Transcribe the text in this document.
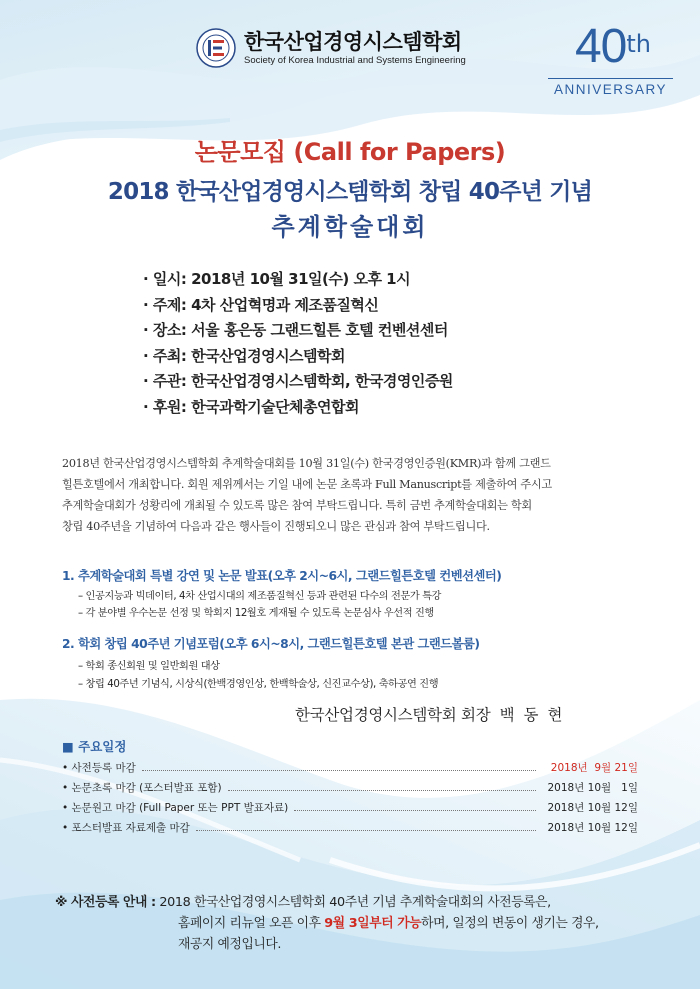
한국산업경영시스템학회
Society of Korea Industrial and Systems Engineering	40th
ANNIVERSARY
논문모집 (Call for Papers)
2018 한국산업경영시스템학회 창립 40주년 기념
추계학술대회
· 일시: 2018년 10월 31일(수) 오후 1시
· 주제: 4차 산업혁명과 제조품질혁신
· 장소: 서울 홍은동 그랜드힐튼 호텔 컨벤션센터
· 주최: 한국산업경영시스템학회
· 주관: 한국산업경영시스템학회, 한국경영인증원
· 후원: 한국과학기술단체총연합회
2018년 한국산업경영시스템학회 추계학술대회를 10월 31일(수) 한국경영인증원(KMR)과 함께 그랜드
힐튼호텔에서 개최합니다. 회원 제위께서는 기일 내에 논문 초록과 Full Manuscript를 제출하여 주시고
추계학술대회가 성황리에 개최될 수 있도록 많은 참여 부탁드립니다. 특히 금번 추계학술대회는 학회
창립 40주년을 기념하여 다음과 같은 행사들이 진행되오니 많은 관심과 참여 부탁드립니다.
1. 추계학술대회 특별 강연 및 논문 발표(오후 2시~6시, 그랜드힐튼호텔 컨벤션센터)
– 인공지능과 빅데이터, 4차 산업시대의 제조품질혁신 등과 관련된 다수의 전문가 특강
– 각 분야별 우수논문 선정 및 학회지 12월호 게재될 수 있도록 논문심사 우선적 진행
2. 학회 창립 40주년 기념포럼(오후 6시~8시, 그랜드힐튼호텔 본관 그랜드볼룸)
– 학회 종신회원 및 일반회원 대상
– 창립 40주년 기념식, 시상식(한백경영인상, 한백학술상, 신진교수상), 축하공연 진행
한국산업경영시스템학회 회장  백  동  현
■ 주요일정
• 사전등록 마감	2018년  9월 21일
• 논문초록 마감 (포스터발표 포함)	2018년 10월   1일
• 논문원고 마감 (Full Paper 또는 PPT 발표자료)	2018년 10월 12일
• 포스터발표 자료제출 마감	2018년 10월 12일
※ 사전등록 안내 : 2018 한국산업경영시스템학회 40주년 기념 추계학술대회의 사전등록은,
홈페이지 리뉴얼 오픈 이후 9월 3일부터 가능하며, 일정의 변동이 생기는 경우,
재공지 예정입니다.
